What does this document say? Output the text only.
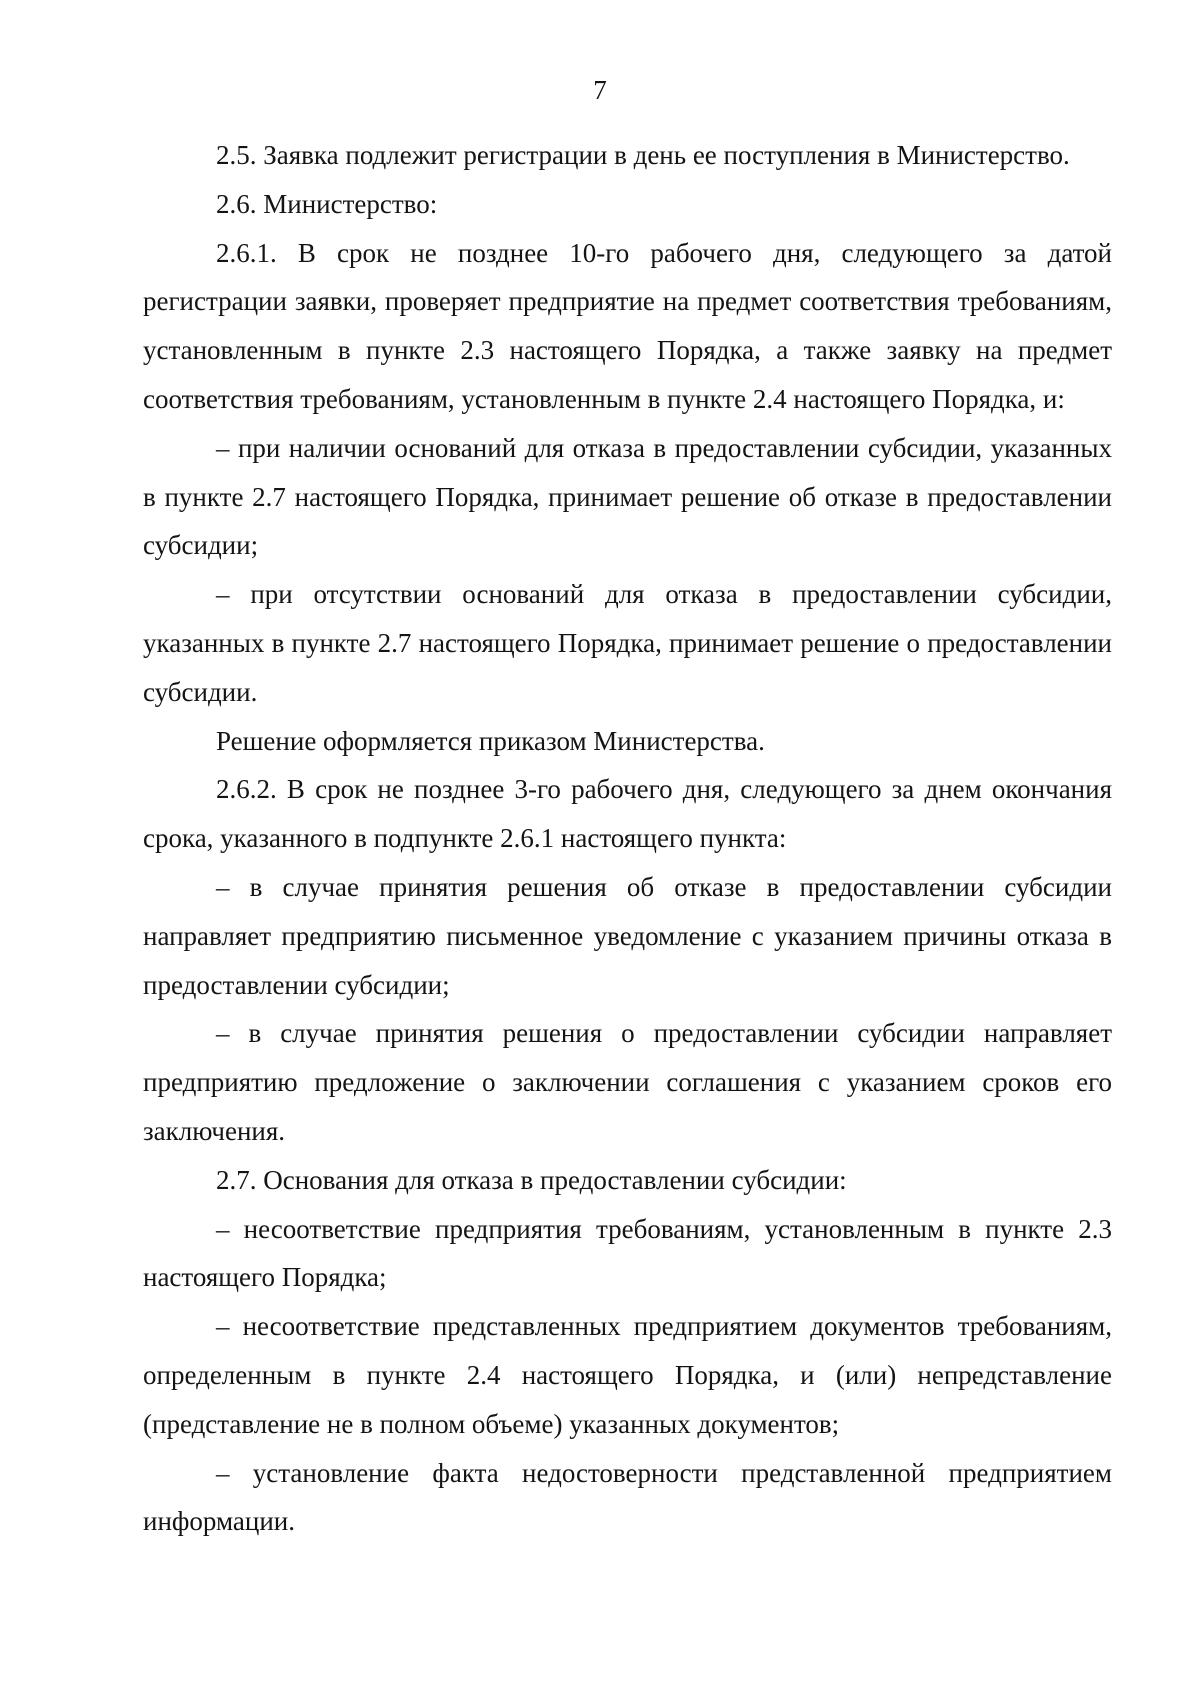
7

2.5. Заявка подлежит регистрации в день ее поступления в Министерство.

2.6. Министерство:

2.6.1. В срок не позднее 10-го рабочего дня, следующего за датой регистрации заявки, проверяет предприятие на предмет соответствия требованиям, установленным в пункте 2.3 настоящего Порядка, а также заявку на предмет соответствия требованиям, установленным в пункте 2.4 настоящего Порядка, и:

– при наличии оснований для отказа в предоставлении субсидии, указанных в пункте 2.7 настоящего Порядка, принимает решение об отказе в предоставлении субсидии;

– при отсутствии оснований для отказа в предоставлении субсидии, указанных в пункте 2.7 настоящего Порядка, принимает решение о предоставлении субсидии.

Решение оформляется приказом Министерства.

2.6.2. В срок не позднее 3-го рабочего дня, следующего за днем окончания срока, указанного в подпункте 2.6.1 настоящего пункта:

– в случае принятия решения об отказе в предоставлении субсидии направляет предприятию письменное уведомление с указанием причины отказа в предоставлении субсидии;

– в случае принятия решения о предоставлении субсидии направляет предприятию предложение о заключении соглашения с указанием сроков его заключения.

2.7. Основания для отказа в предоставлении субсидии:

– несоответствие предприятия требованиям, установленным в пункте 2.3 настоящего Порядка;

– несоответствие представленных предприятием документов требованиям, определенным в пункте 2.4 настоящего Порядка, и (или) непредставление (представление не в полном объеме) указанных документов;

– установление факта недостоверности представленной предприятием информации.
